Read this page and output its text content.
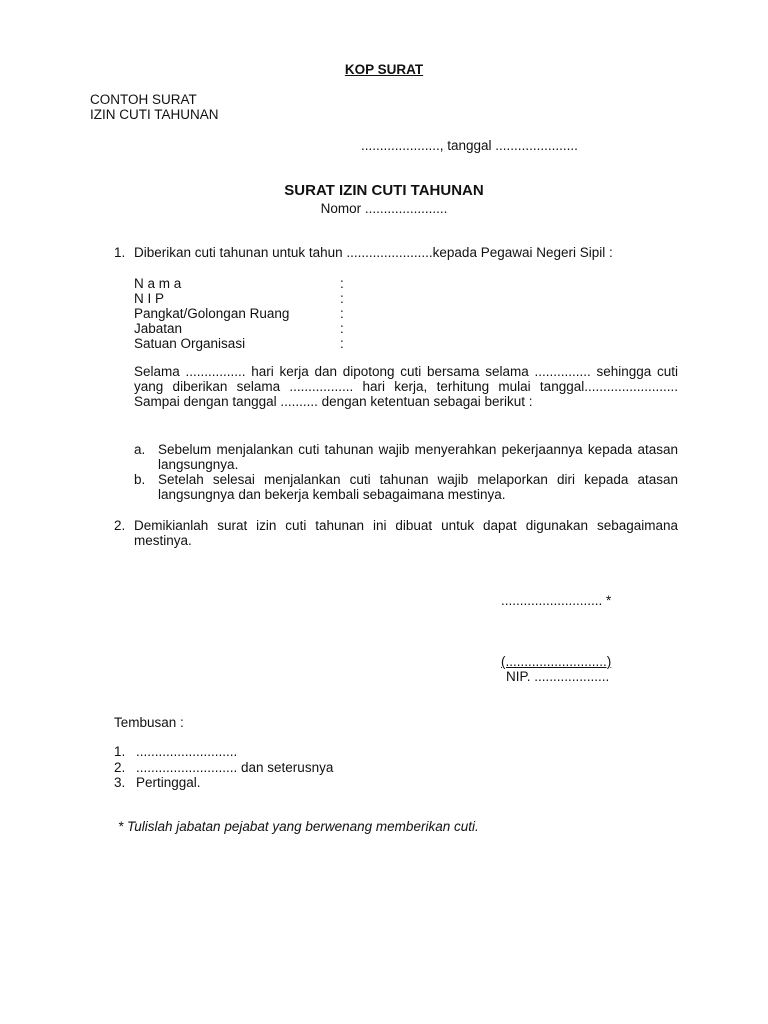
KOP SURAT
CONTOH SURAT
IZIN CUTI TAHUNAN
....................., tanggal ......................
SURAT IZIN CUTI TAHUNAN
Nomor ......................
1. Diberikan cuti tahunan untuk tahun .......................kepada Pegawai Negeri Sipil :
N a m a	:
N I P	:
Pangkat/Golongan Ruang	:
Jabatan	:
Satuan Organisasi	:
Selama ................ hari kerja dan dipotong cuti bersama selama ............... sehingga cuti yang diberikan selama ................. hari kerja, terhitung mulai tanggal......................... Sampai dengan tanggal .......... dengan ketentuan sebagai berikut :
a. Sebelum menjalankan cuti tahunan wajib menyerahkan pekerjaannya kepada atasan langsungnya.
b. Setelah selesai menjalankan cuti tahunan wajib melaporkan diri kepada atasan langsungnya dan bekerja kembali sebagaimana mestinya.
2. Demikianlah surat izin cuti tahunan ini dibuat untuk dapat digunakan sebagaimana mestinya.
........................... *
(...........................)
NIP. ....................
Tembusan :
1. ...........................
2. ........................... dan seterusnya
3. Pertinggal.
* Tulislah jabatan pejabat yang berwenang memberikan cuti.
